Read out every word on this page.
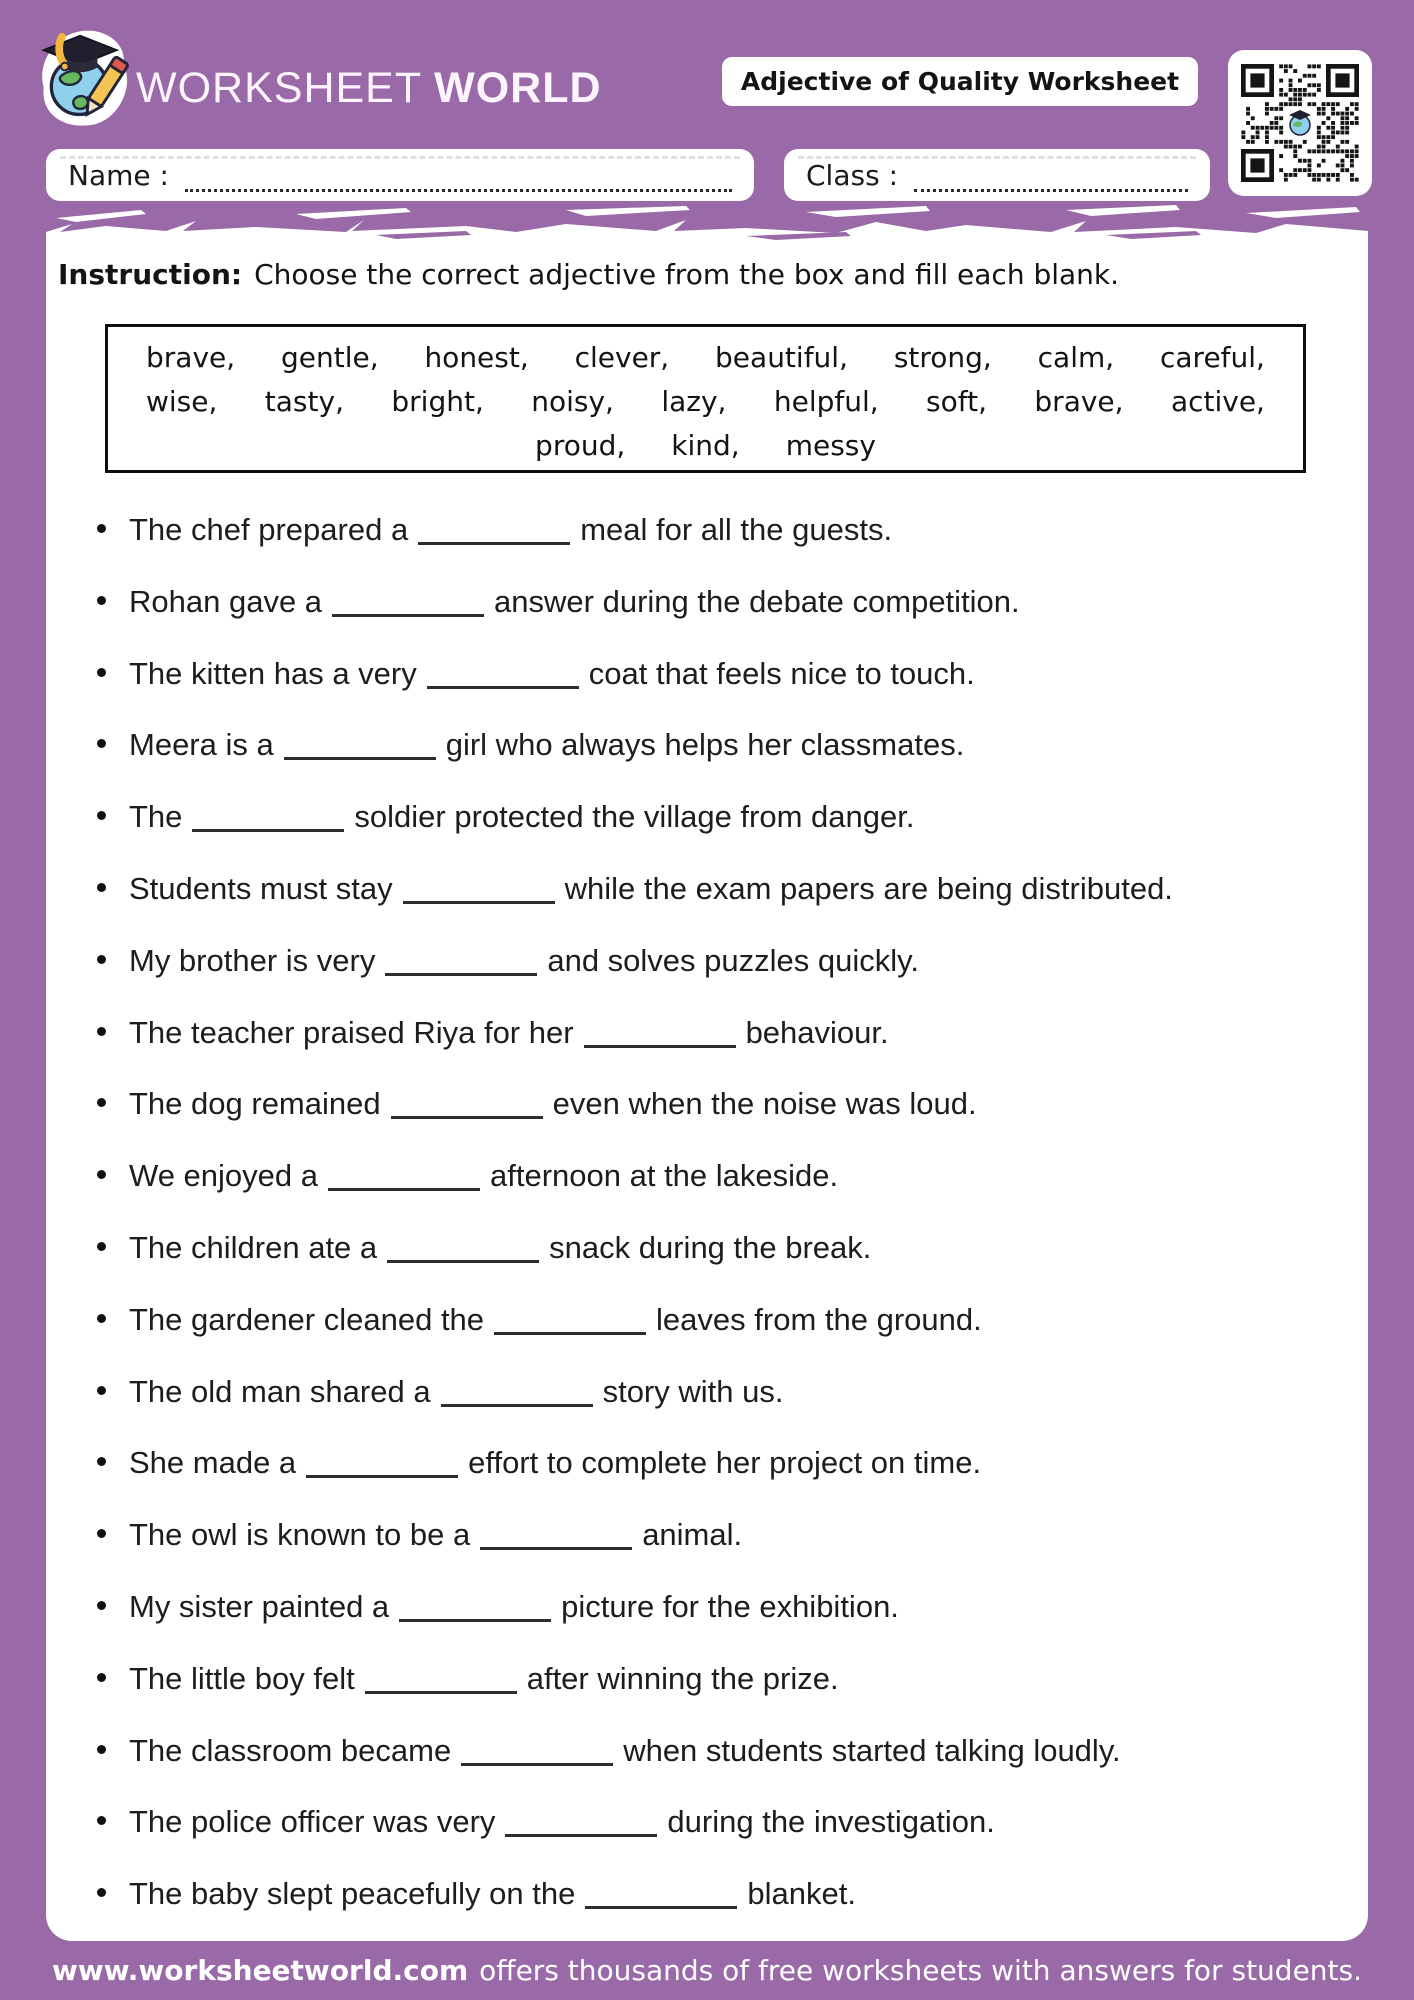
WORKSHEET WORLD	Adjective of Quality Worksheet
Name :	Class :
Instruction: Choose the correct adjective from the box and fill each blank.
brave, gentle, honest, clever, beautiful, strong, calm, careful,
wise, tasty, bright, noisy, lazy, helpful, soft, brave, active,
proud, kind, messy
The chef prepared a	meal for all the guests.
Rohan gave a	answer during the debate competition.
The kitten has a very	coat that feels nice to touch.
Meera is a	girl who always helps her classmates.
The	soldier protected the village from danger.
Students must stay	while the exam papers are being distributed.
My brother is very	and solves puzzles quickly.
The teacher praised Riya for her	behaviour.
The dog remained	even when the noise was loud.
We enjoyed a	afternoon at the lakeside.
The children ate a	snack during the break.
The gardener cleaned the	leaves from the ground.
The old man shared a	story with us.
She made a	effort to complete her project on time.
The owl is known to be a	animal.
My sister painted a	picture for the exhibition.
The little boy felt	after winning the prize.
The classroom became	when students started talking loudly.
The police officer was very	during the investigation.
The baby slept peacefully on the	blanket.
www.worksheetworld.com offers thousands of free worksheets with answers for students.
